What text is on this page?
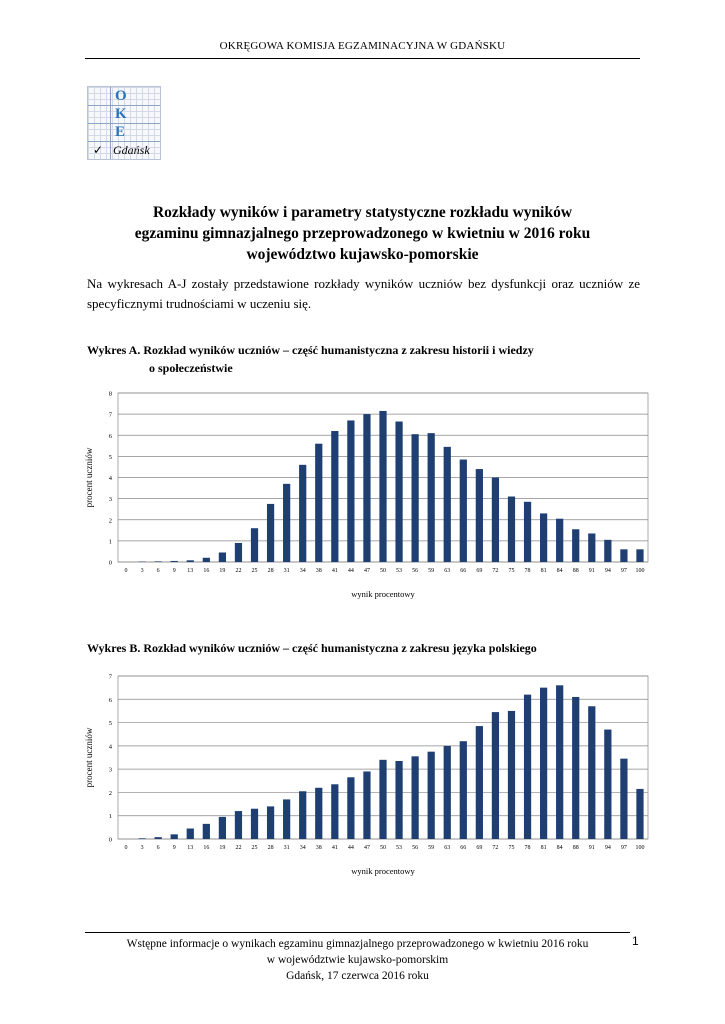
OKRĘGOWA KOMISJA EGZAMINACYJNA W GDAŃSKU
O
K
E
✓ Gdańsk
Rozkłady wyników i parametry statystyczne rozkładu wyników
egzaminu gimnazjalnego przeprowadzonego w kwietniu w 2016 roku
województwo kujawsko-pomorskie
Na wykresach A-J zostały przedstawione rozkłady wyników uczniów bez dysfunkcji oraz uczniów ze specyficznymi trudnościami w uczeniu się.
Wykres A. Rozkład wyników uczniów – część humanistyczna z zakresu historii i wiedzy
o społeczeństwie
0
1
2
3
4
5
6
7
8
0 3 6 9 13 16 19 22 25 28 31 34 38 41 44 47 50 53 56 59 63 66 69 72 75 78 81 84 88 91 94 97 100
wynik procentowy
procent uczniów
Wykres B. Rozkład wyników uczniów – część humanistyczna z zakresu języka polskiego
0
1
2
3
4
5
6
7
0 3 6 9 13 16 19 22 25 28 31 34 38 41 44 47 50 53 56 59 63 66 69 72 75 78 81 84 88 91 94 97 100
wynik procentowy
procent uczniów
Wstępne informacje o wynikach egzaminu gimnazjalnego przeprowadzonego w kwietniu 2016 roku
w województwie kujawsko-pomorskim
Gdańsk, 17 czerwca 2016 roku
1
